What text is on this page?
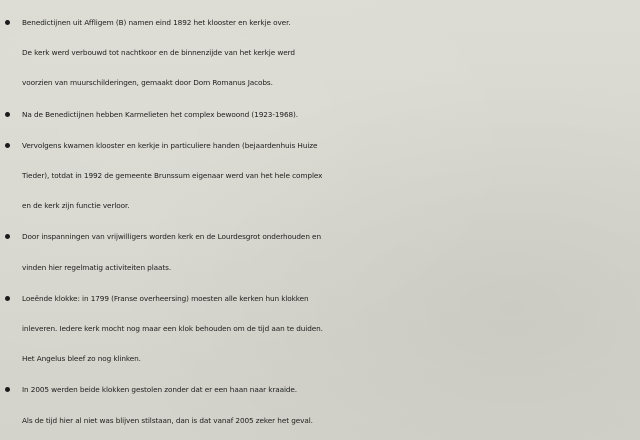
Benedictijnen uit Affligem (B) namen eind 1892 het klooster en kerkje over.
De kerk werd verbouwd tot nachtkoor en de binnenzijde van het kerkje werd
voorzien van muurschilderingen, gemaakt door Dom Romanus Jacobs.
Na de Benedictijnen hebben Karmelieten het complex bewoond (1923-1968).
Vervolgens kwamen klooster en kerkje in particuliere handen (bejaardenhuis Huize
Tieder), totdat in 1992 de gemeente Brunssum eigenaar werd van het hele complex
en de kerk zijn functie verloor.
Door inspanningen van vrijwilligers worden kerk en de Lourdesgrot onderhouden en
vinden hier regelmatig activiteiten plaats.
Loeënde klokke: in 1799 (Franse overheersing) moesten alle kerken hun klokken
inleveren. Iedere kerk mocht nog maar een klok behouden om de tijd aan te duiden.
Het Angelus bleef zo nog klinken.
In 2005 werden beide klokken gestolen zonder dat er een haan naar kraaide.
Als de tijd hier al niet was blijven stilstaan, dan is dat vanaf 2005 zeker het geval.
